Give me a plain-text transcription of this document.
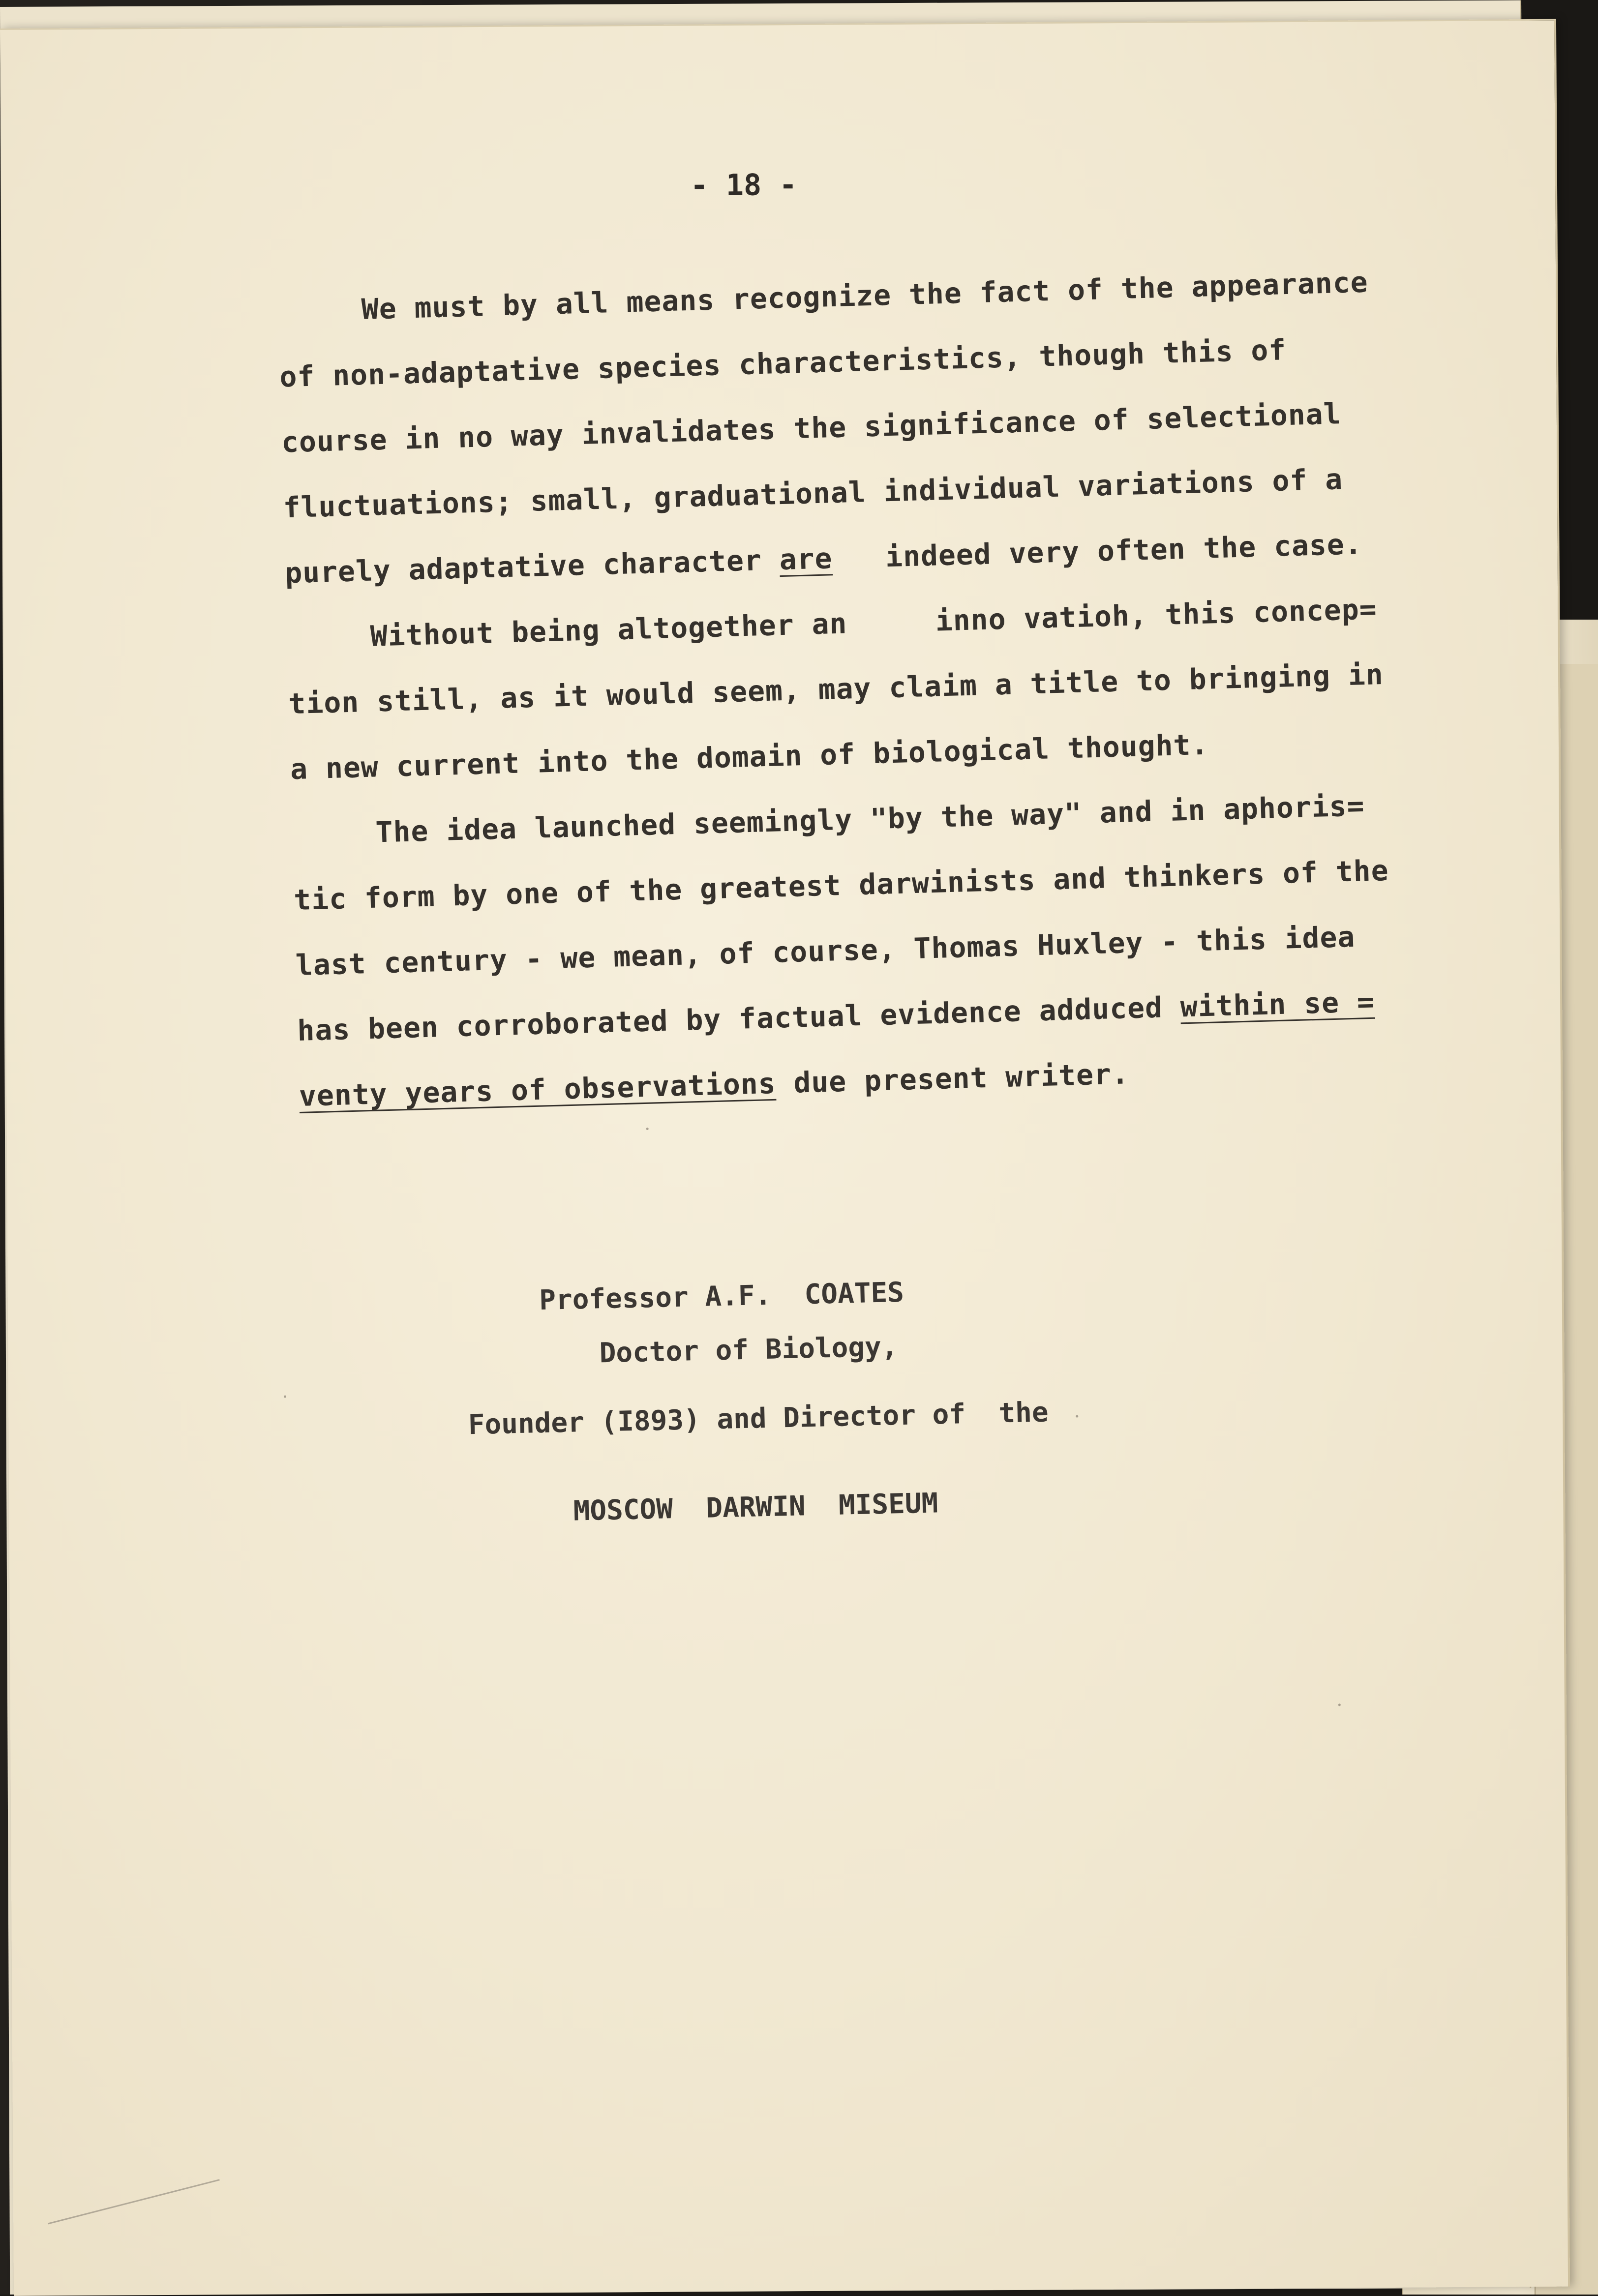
- 18 -
We must by all means recognize the fact of the appearance
of non-adaptative species characteristics, though this of
course in no way invalidates the significance of selectional
fluctuations; small, graduational individual variations of a
purely adaptative character are indeed very often the case.
Without being altogether an     inno vatioh, this concep=
tion still, as it would seem, may claim a title to bringing in
a new current into the domain of biological thought.
The idea launched seemingly "by the way" and in aphoris=
tic form by one of the greatest darwinists and thinkers of the
last century - we mean, of course, Thomas Huxley - this idea
has been corroborated by factual evidence adduced within se =
venty years of observations due present writer.
Professor A.F.  COATES
Doctor of Biology,
Founder (I893) and Director of  the
MOSCOW  DARWIN  MISEUM
